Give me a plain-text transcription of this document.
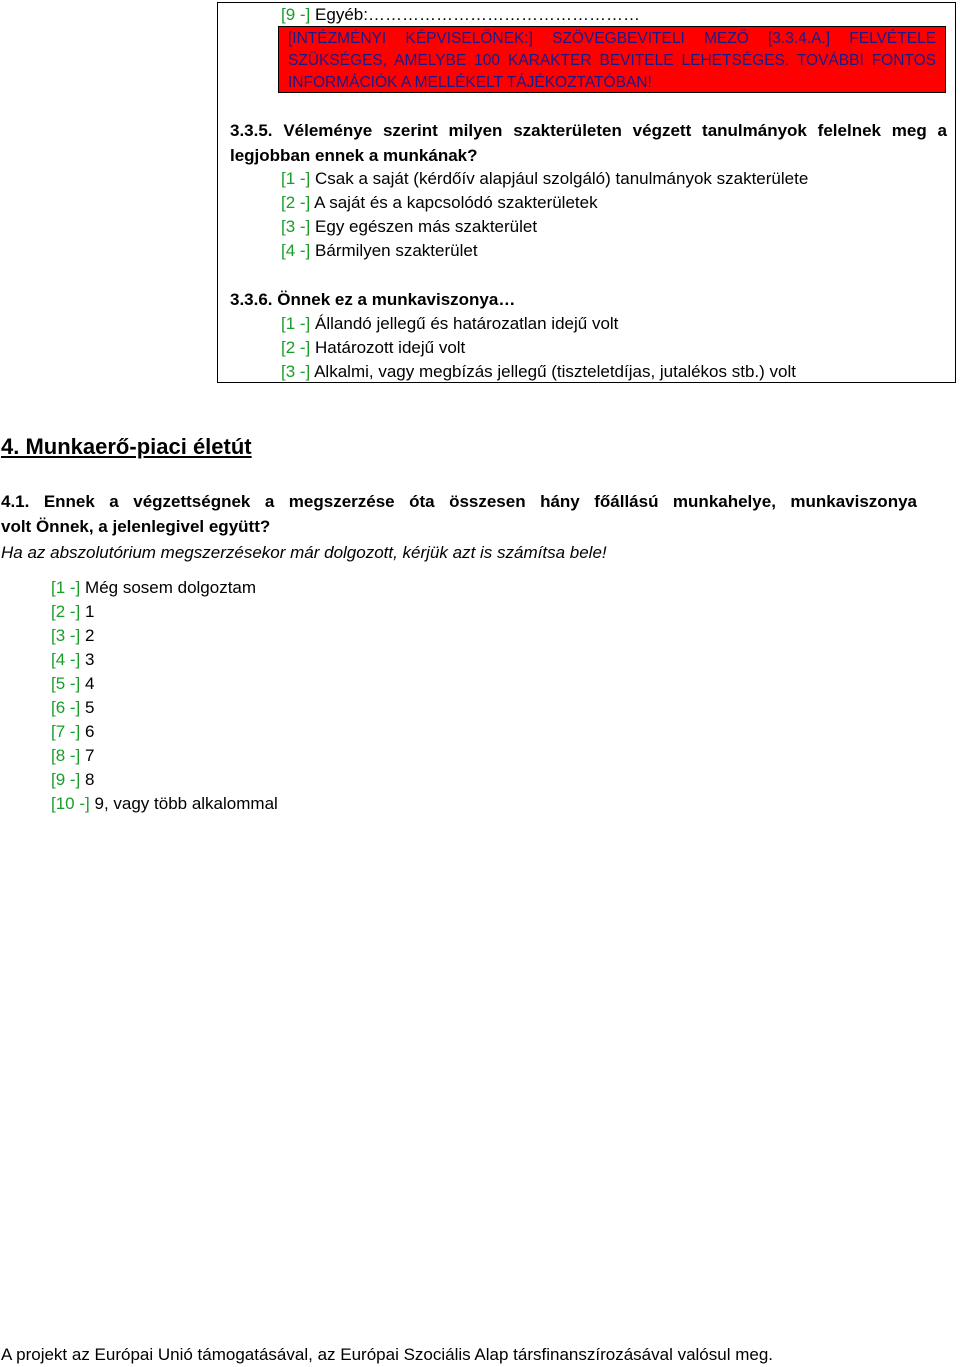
[9 -] Egyéb:…………………………………………
[INTÉZMÉNYI KÉPVISELŐNEK:] SZÖVEGBEVITELI MEZŐ [3.3.4.A.] FELVÉTELE
SZÜKSÉGES, AMELYBE 100 KARAKTER BEVITELE LEHETSÉGES. TOVÁBBI FONTOS
INFORMÁCIÓK A MELLÉKELT TÁJÉKOZTATÓBAN!
3.3.5. Véleménye szerint milyen szakterületen végzett tanulmányok felelnek meg a
legjobban ennek a munkának?
[1 -] Csak a saját (kérdőív alapjául szolgáló) tanulmányok szakterülete
[2 -] A saját és a kapcsolódó szakterületek
[3 -] Egy egészen más szakterület
[4 -] Bármilyen szakterület
3.3.6. Önnek ez a munkaviszonya…
[1 -] Állandó jellegű és határozatlan idejű volt
[2 -] Határozott idejű volt
[3 -] Alkalmi, vagy megbízás jellegű (tiszteletdíjas, jutalékos stb.) volt
4. Munkaerő-piaci életút
4.1. Ennek a végzettségnek a megszerzése óta összesen hány főállású munkahelye, munkaviszonya
volt Önnek, a jelenlegivel együtt?
Ha az abszolutórium megszerzésekor már dolgozott, kérjük azt is számítsa bele!
[1 -] Még sosem dolgoztam
[2 -] 1
[3 -] 2
[4 -] 3
[5 -] 4
[6 -] 5
[7 -] 6
[8 -] 7
[9 -] 8
[10 -] 9, vagy több alkalommal
A projekt az Európai Unió támogatásával, az Európai Szociális Alap társfinanszírozásával valósul meg.
